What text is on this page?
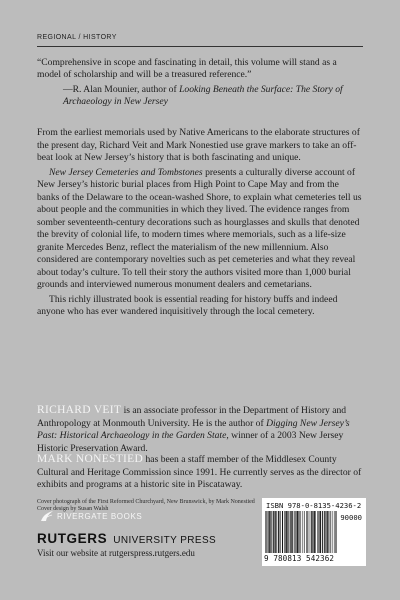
REGIONAL / HISTORY

“Comprehensive in scope and fascinating in detail, this volume will stand as a model of scholarship and will be a treasured reference.”

—R. Alan Mounier, author of Looking Beneath the Surface: The Story of Archaeology in New Jersey

From the earliest memorials used by Native Americans to the elaborate structures of the present day, Richard Veit and Mark Nonestied use grave markers to take an off-beat look at New Jersey’s history that is both fascinating and unique.

New Jersey Cemeteries and Tombstones presents a culturally diverse account of New Jersey’s historic burial places from High Point to Cape May and from the banks of the Delaware to the ocean-washed Shore, to explain what cemeteries tell us about people and the communities in which they lived. The evidence ranges from somber seventeenth-century decorations such as hourglasses and skulls that denoted the brevity of colonial life, to modern times where memorials, such as a life-size granite Mercedes Benz, reflect the materialism of the new millennium. Also considered are contemporary novelties such as pet cemeteries and what they reveal about today’s culture. To tell their story the authors visited more than 1,000 burial grounds and interviewed numerous monument dealers and cemetarians.

This richly illustrated book is essential reading for history buffs and indeed anyone who has ever wandered inquisitively through the local cemetery.

RICHARD VEIT is an associate professor in the Department of History and Anthropology at Monmouth University. He is the author of Digging New Jersey’s Past: Historical Archaeology in the Garden State, winner of a 2003 New Jersey Historic Preservation Award.
MARK NONESTIED has been a staff member of the Middlesex County Cultural and Heritage Commission since 1991. He currently serves as the director of exhibits and programs at a historic site in Piscataway.
Cover photograph of the First Reformed Churchyard, New Brunswick, by Mark Nonestied
Cover design by Susan Walsh
RIVERGATE BOOKS
RUTGERS UNIVERSITY PRESS
Visit our website at rutgerspress.rutgers.edu
ISBN 978-0-8135-4236-2
90000
9 780813 542362
